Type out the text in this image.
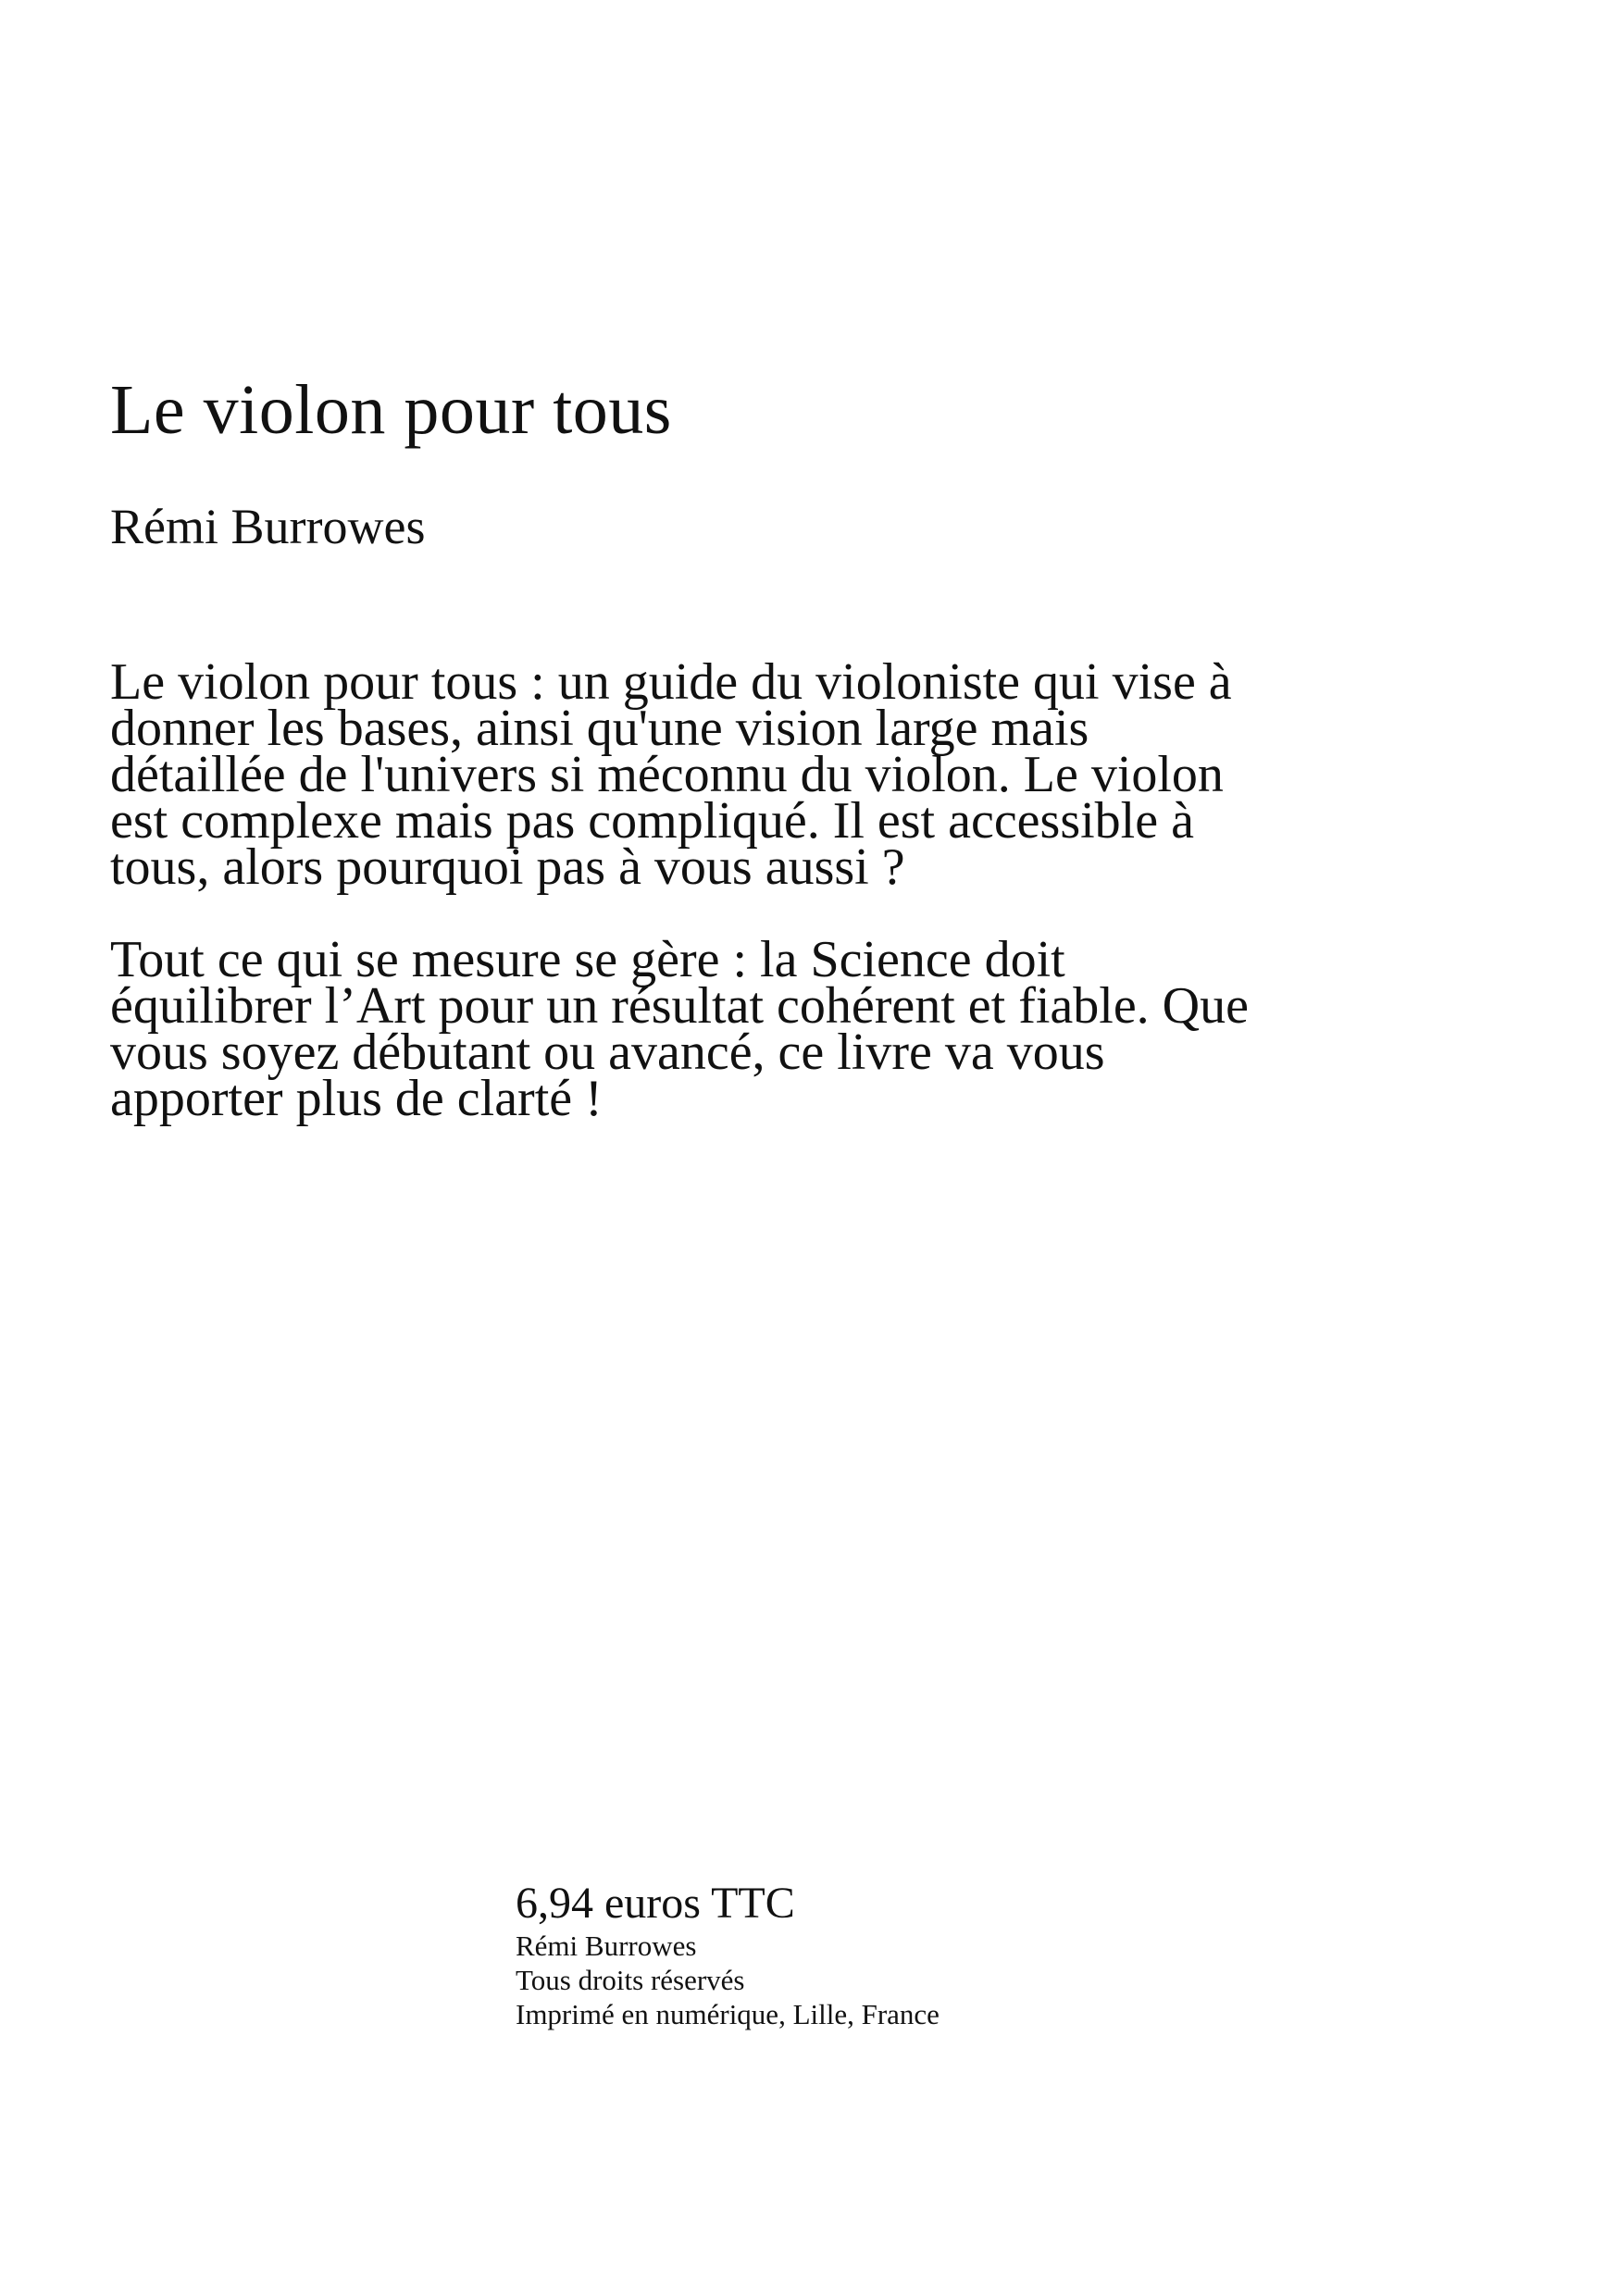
Le violon pour tous
Rémi Burrowes

Le violon pour tous : un guide du violoniste qui vise à donner les bases, ainsi qu'une vision large mais détaillée de l'univers si méconnu du violon. Le violon est complexe mais pas compliqué. Il est accessible à tous, alors pourquoi pas à vous aussi ?

Tout ce qui se mesure se gère : la Science doit équilibrer l’Art pour un résultat cohérent et fiable. Que vous soyez débutant ou avancé, ce livre va vous apporter plus de clarté !

6,94 euros TTC
Rémi Burrowes
Tous droits réservés
Imprimé en numérique, Lille, France
